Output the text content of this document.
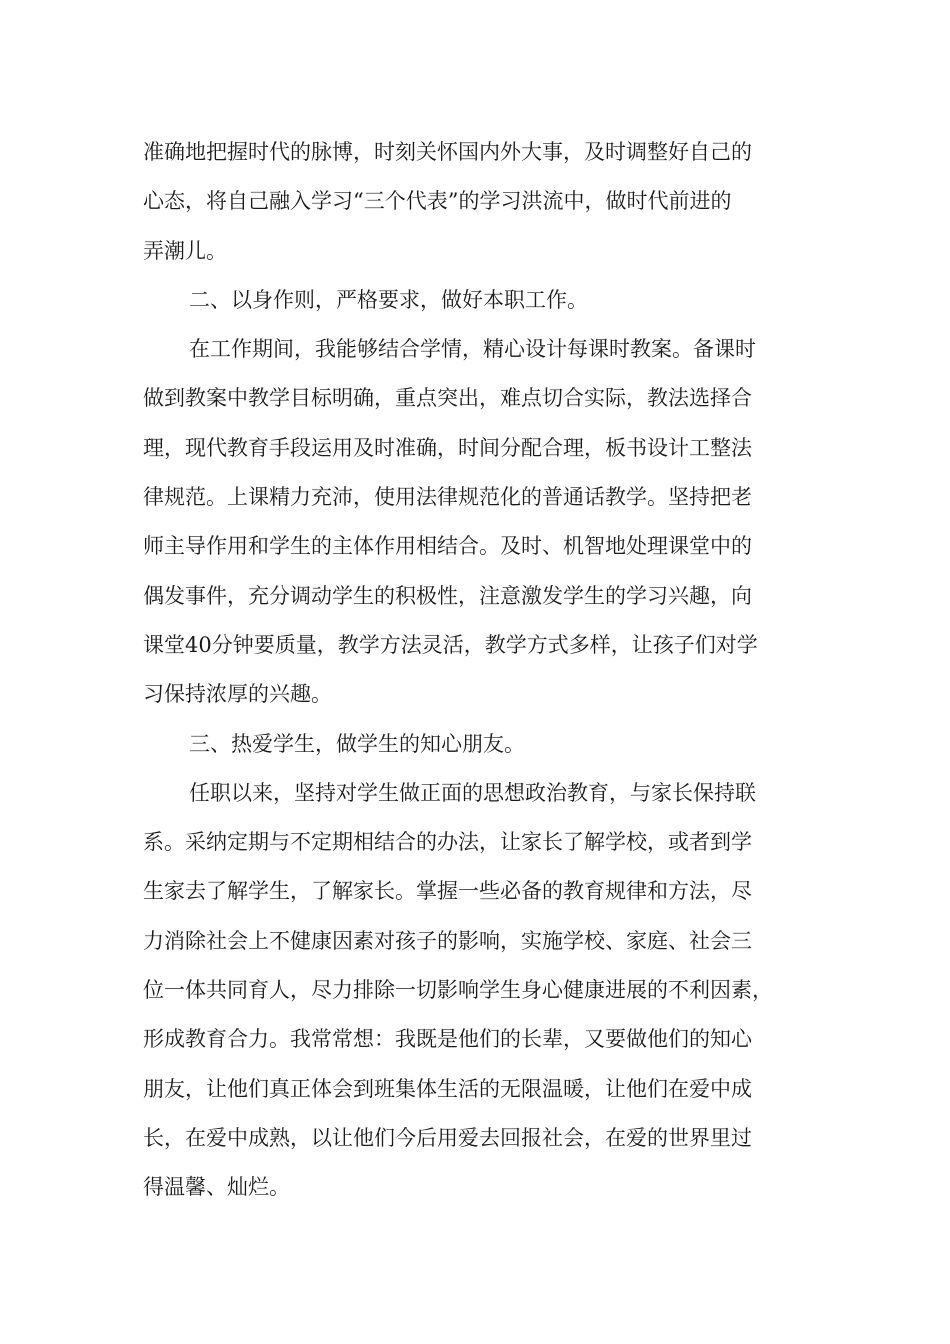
准确地把握时代的脉博，时刻关怀国内外大事，及时调整好自己的
心态，将自己融入学习“三个代表”的学习洪流中，做时代前进的
弄潮儿。
二、以身作则，严格要求，做好本职工作。
在工作期间，我能够结合学情，精心设计每课时教案。备课时
做到教案中教学目标明确，重点突出，难点切合实际，教法选择合
理，现代教育手段运用及时准确，时间分配合理，板书设计工整法
律规范。上课精力充沛，使用法律规范化的普通话教学。坚持把老
师主导作用和学生的主体作用相结合。及时、机智地处理课堂中的
偶发事件，充分调动学生的积极性，注意激发学生的学习兴趣，向
课堂40分钟要质量，教学方法灵活，教学方式多样，让孩子们对学
习保持浓厚的兴趣。
三、热爱学生，做学生的知心朋友。
任职以来，坚持对学生做正面的思想政治教育，与家长保持联
系。采纳定期与不定期相结合的办法，让家长了解学校，或者到学
生家去了解学生，了解家长。掌握一些必备的教育规律和方法，尽
力消除社会上不健康因素对孩子的影响，实施学校、家庭、社会三
位一体共同育人，尽力排除一切影响学生身心健康进展的不利因素，
形成教育合力。我常常想：我既是他们的长辈，又要做他们的知心
朋友，让他们真正体会到班集体生活的无限温暖，让他们在爱中成
长，在爱中成熟，以让他们今后用爱去回报社会，在爱的世界里过
得温馨、灿烂。
